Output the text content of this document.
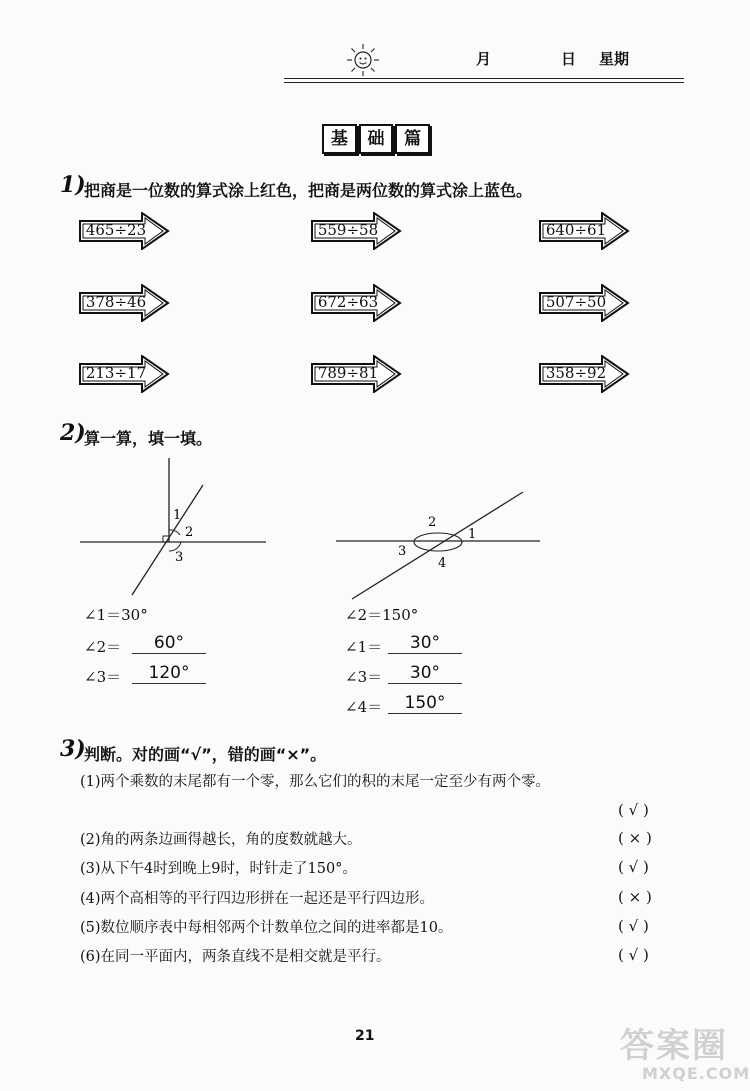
月	日 星期
基	础	篇
1)
把商是一位数的算式涂上红色，把商是两位数的算式涂上蓝色。
465÷23	559÷58	640÷61
378÷46	672÷63	507÷50
213÷17	789÷81	358÷92
2)
算一算，填一填。
1
2
3
2
1
3
4
∠1＝30°
∠2＝	60°
∠3＝	120°
∠2＝150°
∠1＝	30°
∠3＝	30°
∠4＝	150°
3)
判断。对的画“√”，错的画“×”。
(1)两个乘数的末尾都有一个零，那么它们的积的末尾一定至少有两个零。
( √ )
(2)角的两条边画得越长，角的度数就越大。	( × )
(3)从下午4时到晚上9时，时针走了150°。	( √ )
(4)两个高相等的平行四边形拼在一起还是平行四边形。	( × )
(5)数位顺序表中每相邻两个计数单位之间的进率都是10。	( √ )
(6)在同一平面内，两条直线不是相交就是平行。	( √ )
21	答案圈
MXQE.COM
